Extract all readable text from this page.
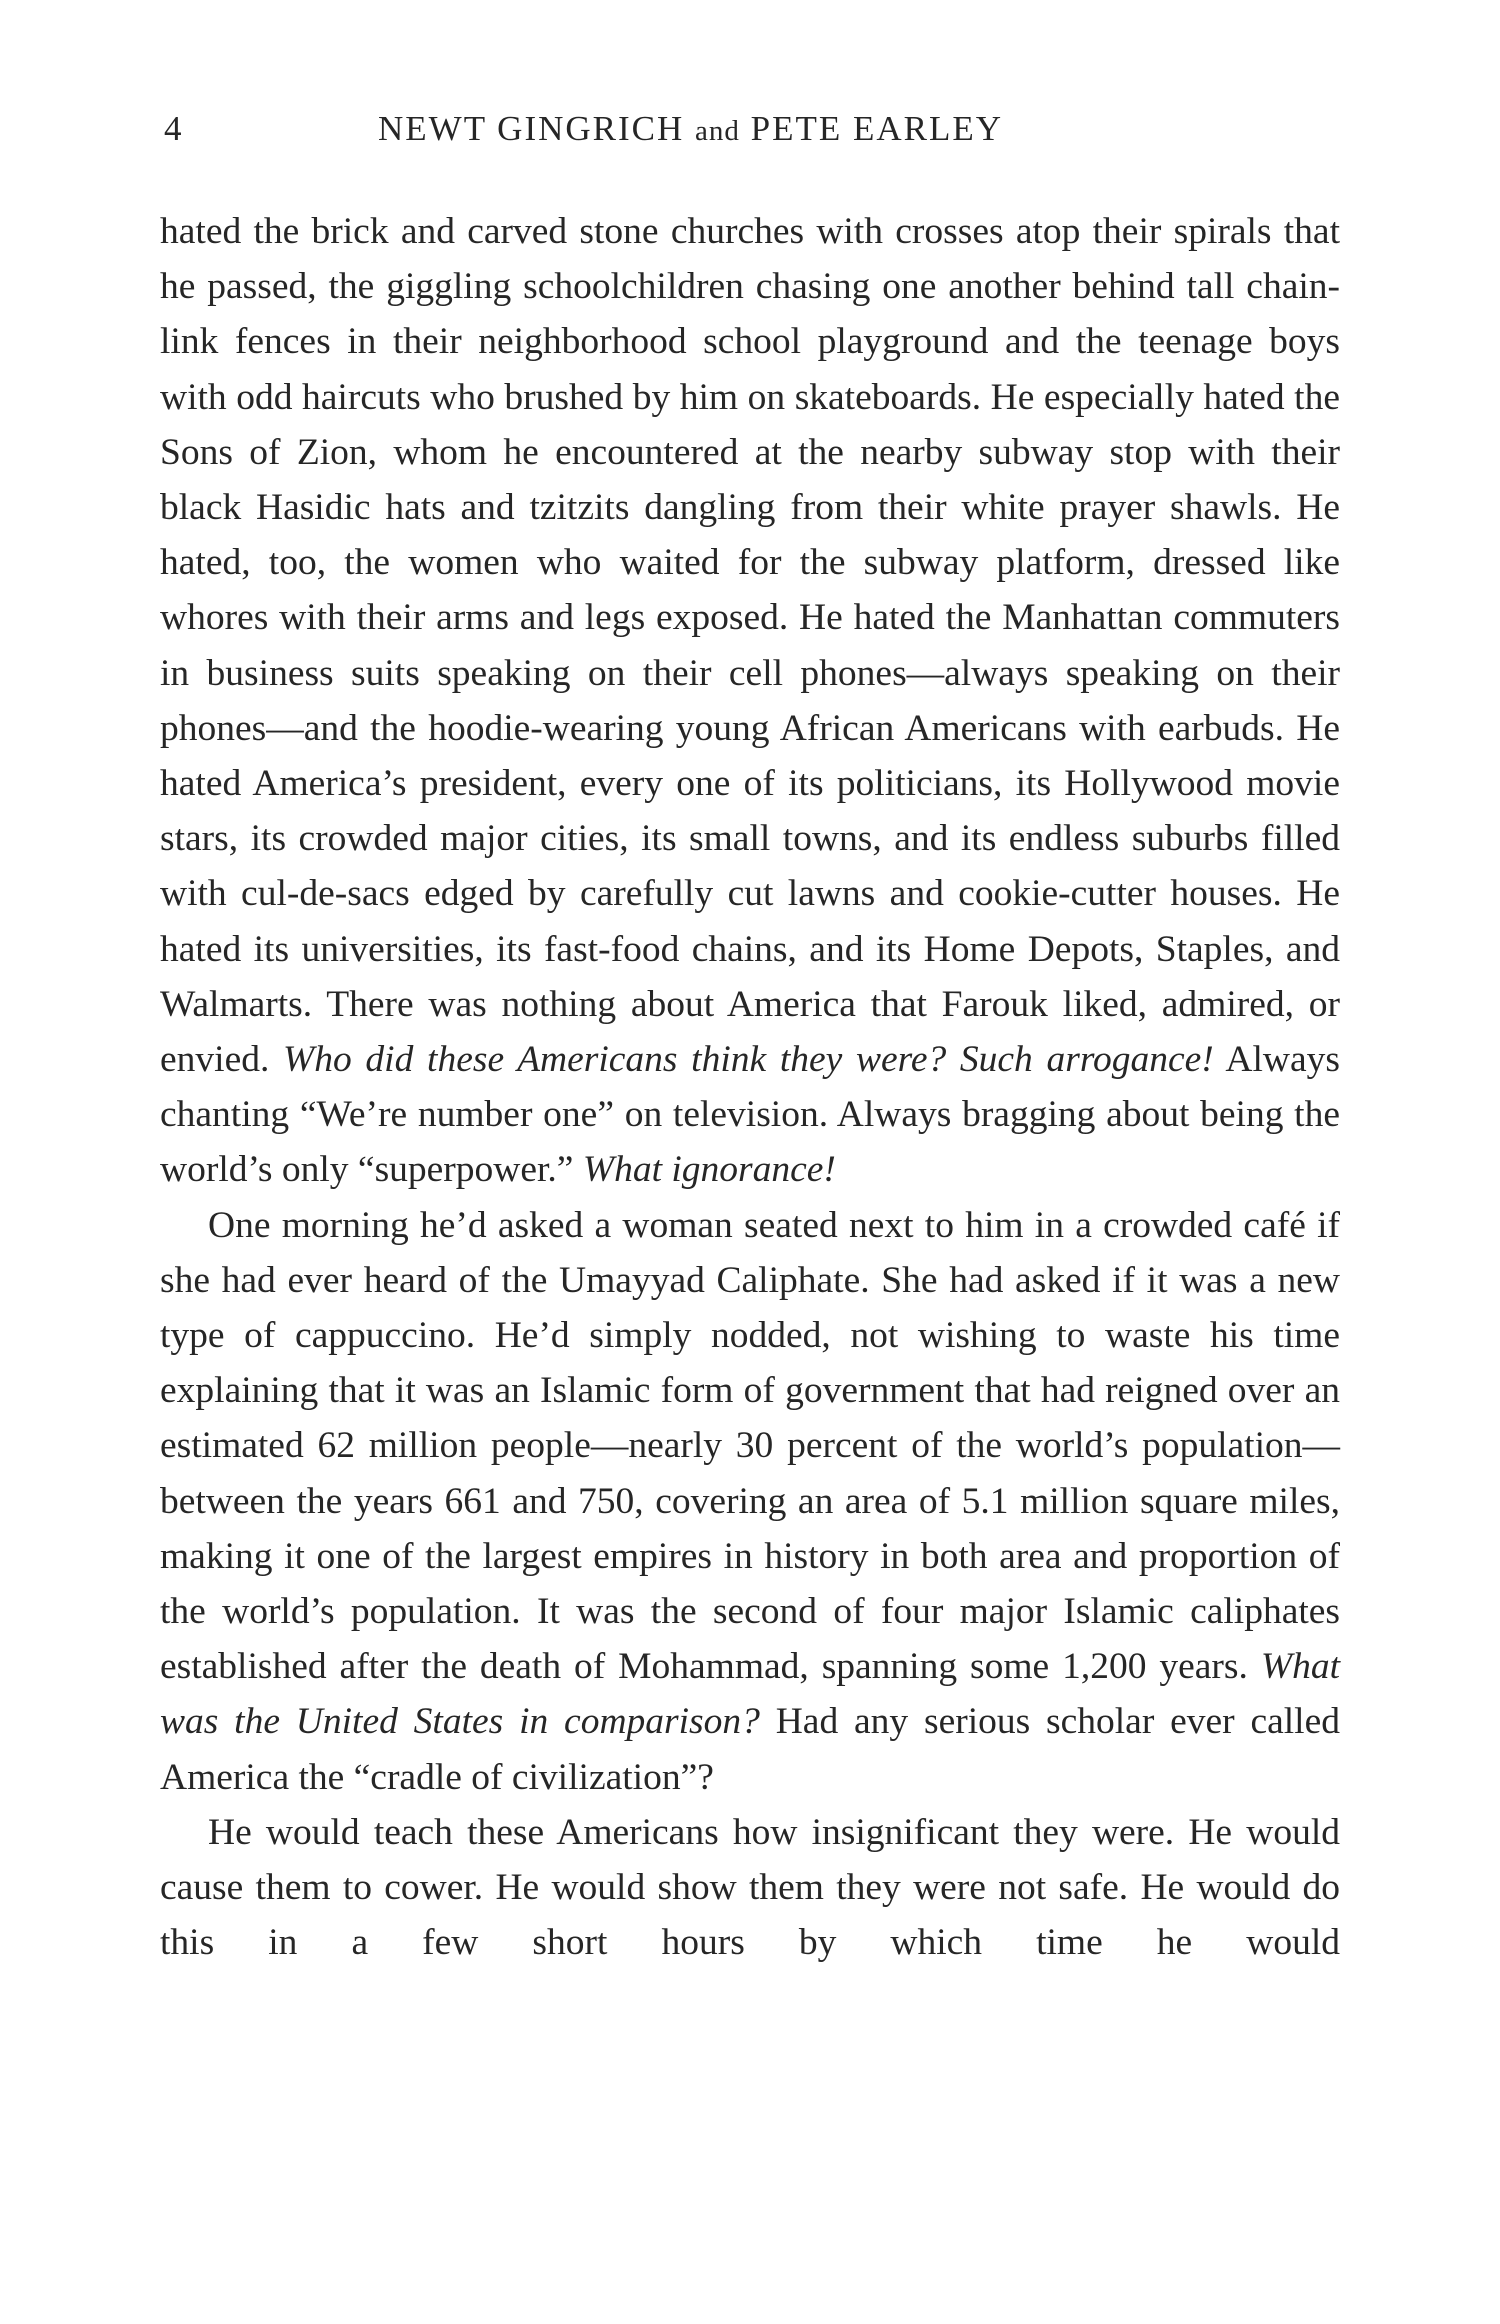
4	NEWT GINGRICH and PETE EARLEY

hated the brick and carved stone churches with crosses atop their spirals that he passed, the giggling schoolchildren chasing one another behind tall chain-link fences in their neighborhood school playground and the teenage boys with odd haircuts who brushed by him on skateboards. He especially hated the Sons of Zion, whom he encountered at the nearby subway stop with their black Hasidic hats and tzitzits dangling from their white prayer shawls. He hated, too, the women who waited for the subway platform, dressed like whores with their arms and legs exposed. He hated the Manhattan commuters in business suits speaking on their cell phones—always speaking on their phones—and the hoodie-wearing young African Americans with earbuds. He hated America’s president, every one of its politicians, its Hollywood movie stars, its crowded major cities, its small towns, and its endless suburbs filled with cul-de-sacs edged by carefully cut lawns and cookie-cutter houses. He hated its universities, its fast-food chains, and its Home Depots, Staples, and Walmarts. There was nothing about America that Farouk liked, admired, or envied. Who did these Americans think they were? Such arrogance! Always chanting “We’re number one” on television. Always bragging about being the world’s only “superpower.” What ignorance!

One morning he’d asked a woman seated next to him in a crowded café if she had ever heard of the Umayyad Caliphate. She had asked if it was a new type of cappuccino. He’d simply nodded, not wishing to waste his time explaining that it was an Islamic form of government that had reigned over an estimated 62 million people—nearly 30 percent of the world’s population—between the years 661 and 750, covering an area of 5.1 million square miles, making it one of the largest empires in history in both area and proportion of the world’s population. It was the second of four major Islamic caliphates established after the death of Mohammad, spanning some 1,200 years. What was the United States in comparison? Had any serious scholar ever called America the “cradle of civilization”?

He would teach these Americans how insignificant they were. He would cause them to cower. He would show them they were not safe. He would do this in a few short hours by which time he would
